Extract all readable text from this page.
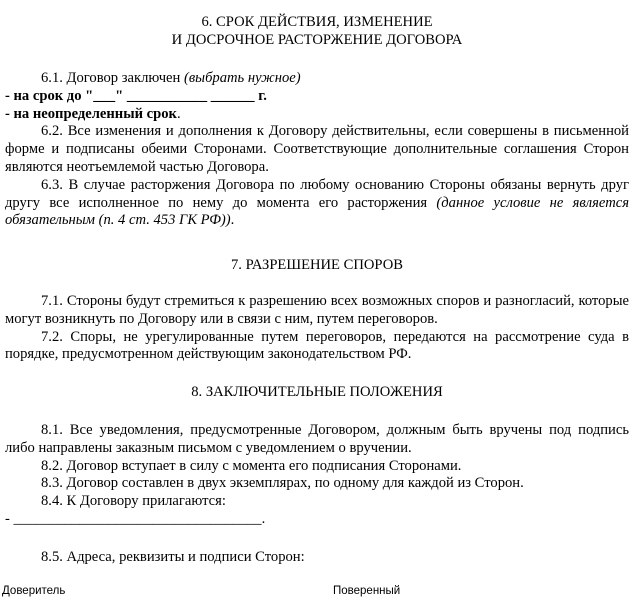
6. СРОК ДЕЙСТВИЯ, ИЗМЕНЕНИЕ

И ДОСРОЧНОЕ РАСТОРЖЕНИЕ ДОГОВОРА

6.1. Договор заключен (выбрать нужное)

- на срок до "___" ___________ ______ г.

- на неопределенный срок.

6.2. Все изменения и дополнения к Договору действительны, если совершены в письменной форме и подписаны обеими Сторонами. Соответствующие дополнительные соглашения Сторон являются неотъемлемой частью Договора.

6.3. В случае расторжения Договора по любому основанию Стороны обязаны вернуть друг другу все исполненное по нему до момента его расторжения (данное условие не является обязательным (п. 4 ст. 453 ГК РФ)).

7. РАЗРЕШЕНИЕ СПОРОВ

7.1. Стороны будут стремиться к разрешению всех возможных споров и разногласий, которые могут возникнуть по Договору или в связи с ним, путем переговоров.

7.2. Споры, не урегулированные путем переговоров, передаются на рассмотрение суда в порядке, предусмотренном действующим законодательством РФ.

8. ЗАКЛЮЧИТЕЛЬНЫЕ ПОЛОЖЕНИЯ

8.1. Все уведомления, предусмотренные Договором, должным быть вручены под подпись либо направлены заказным письмом с уведомлением о вручении.

8.2. Договор вступает в силу с момента его подписания Сторонами.

8.3. Договор составлен в двух экземплярах, по одному для каждой из Сторон.

8.4. К Договору прилагаются:

- __________________________________.

8.5. Адреса, реквизиты и подписи Сторон:

Доверитель	Поверенный
